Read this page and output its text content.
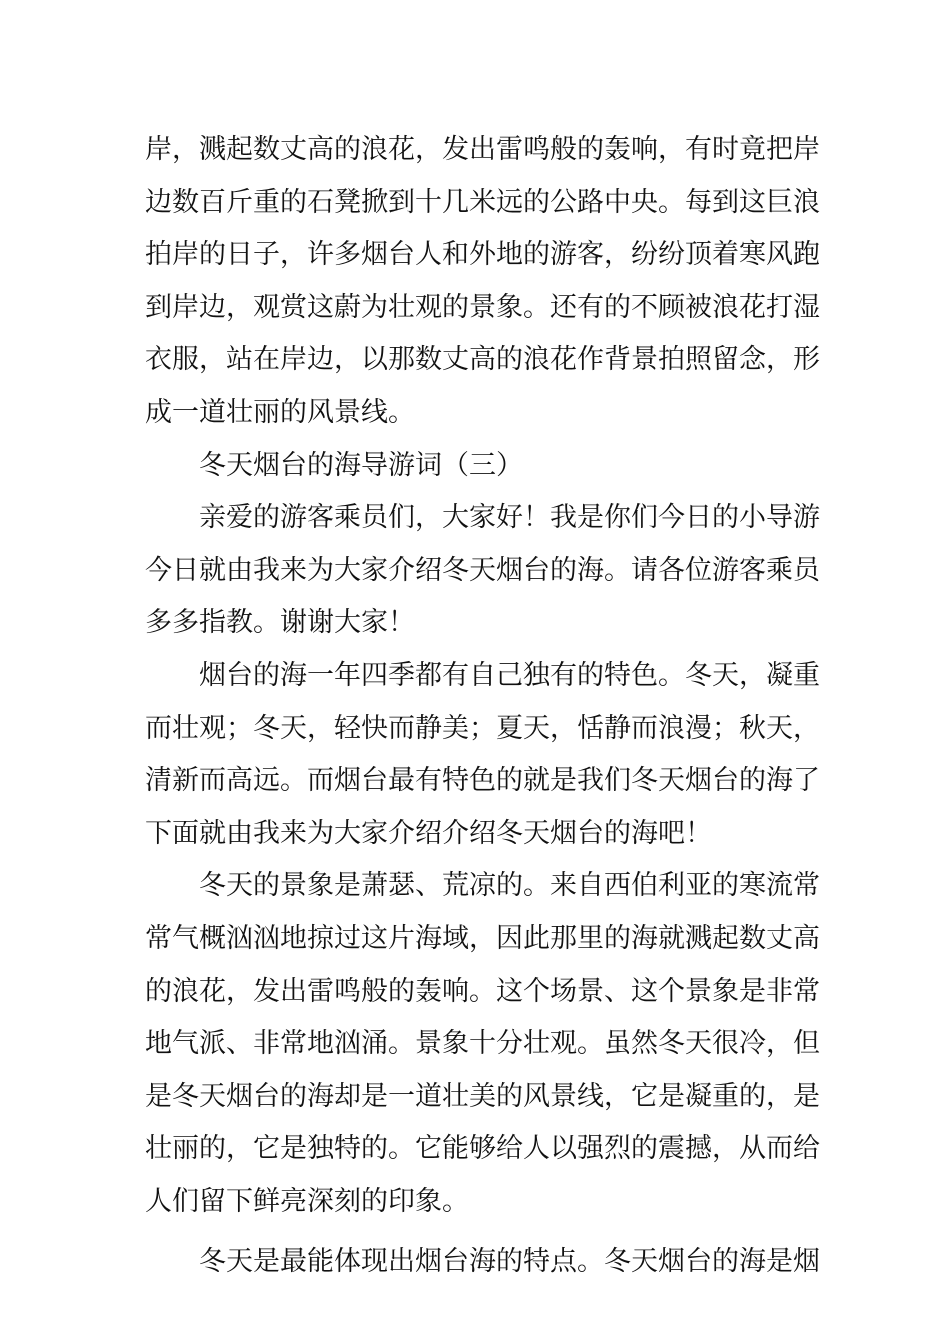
岸，溅起数丈高的浪花，发出雷鸣般的轰响，有时竟把岸
边数百斤重的石凳掀到十几米远的公路中央。每到这巨浪
拍岸的日子，许多烟台人和外地的游客，纷纷顶着寒风跑
到岸边，观赏这蔚为壮观的景象。还有的不顾被浪花打湿
衣服，站在岸边，以那数丈高的浪花作背景拍照留念，形
成一道壮丽的风景线。
冬天烟台的海导游词（三）
亲爱的游客乘员们，大家好！我是你们今日的小导游
今日就由我来为大家介绍冬天烟台的海。请各位游客乘员
多多指教。谢谢大家！
烟台的海一年四季都有自己独有的特色。冬天，凝重
而壮观；冬天，轻快而静美；夏天，恬静而浪漫；秋天，
清新而高远。而烟台最有特色的就是我们冬天烟台的海了
下面就由我来为大家介绍介绍冬天烟台的海吧！
冬天的景象是萧瑟、荒凉的。来自西伯利亚的寒流常
常气概汹汹地掠过这片海域，因此那里的海就溅起数丈高
的浪花，发出雷鸣般的轰响。这个场景、这个景象是非常
地气派、非常地汹涌。景象十分壮观。虽然冬天很冷，但
是冬天烟台的海却是一道壮美的风景线，它是凝重的，是
壮丽的，它是独特的。它能够给人以强烈的震撼，从而给
人们留下鲜亮深刻的印象。
冬天是最能体现出烟台海的特点。冬天烟台的海是烟
